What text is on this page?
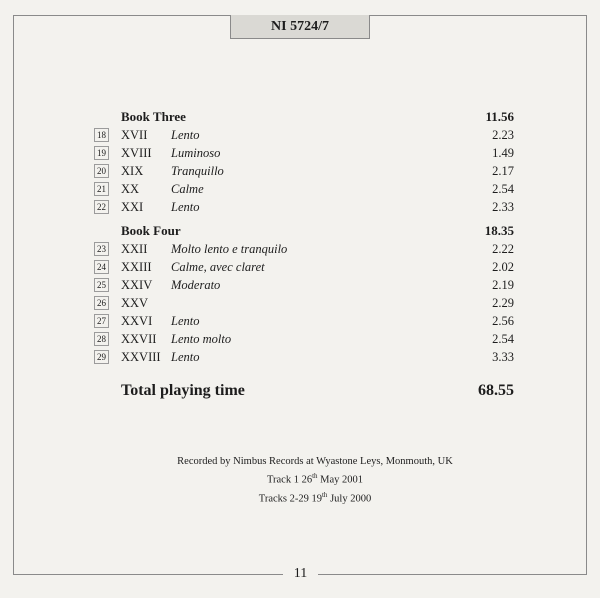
NI 5724/7
Book Three	11.56
18 XVII Lento	2.23
19 XVIII Luminoso	1.49
20 XIX Tranquillo	2.17
21 XX	Calme	2.54
22 XXI Lento	2.33
Book Four	18.35
23 XXII Molto lento e tranquilo	2.22
24 XXIII Calme, avec claret	2.02
25 XXIV Moderato	2.19
26 XXV	2.29
27 XXVI Lento	2.56
28 XXVII Lento molto	2.54
29 XXVIII Lento	3.33
Total playing time	68.55
Recorded by Nimbus Records at Wyastone Leys, Monmouth, UK
Track 1 26th May 2001
Tracks 2-29 19th July 2000
11
